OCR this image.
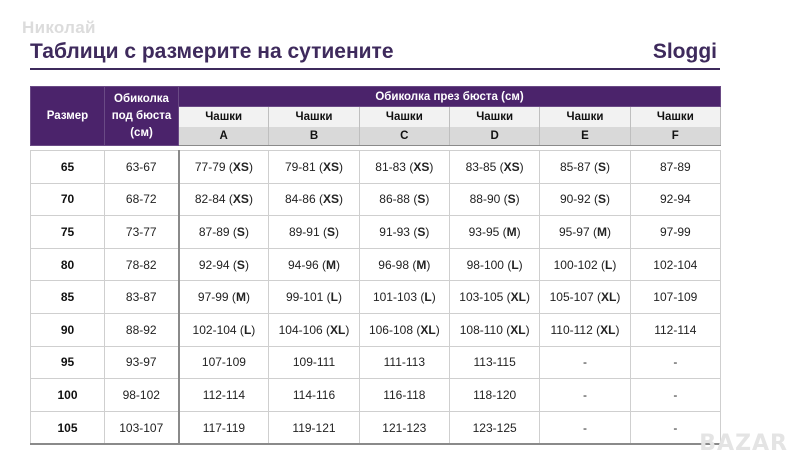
Николай
Таблици с размерите на сутиените	Sloggi
Размер	Обиколка под бюста (см)	Обиколка през бюста (см)					
		Чашки	Чашки	Чашки	Чашки	Чашки	Чашки
		A	B	C	D	E	F

65	63-67	77-79 (XS)	79-81 (XS)	81-83 (XS)	83-85 (XS)	85-87 (S)	87-89
70	68-72	82-84 (XS)	84-86 (XS)	86-88 (S)	88-90 (S)	90-92 (S)	92-94
75	73-77	87-89 (S)	89-91 (S)	91-93 (S)	93-95 (M)	95-97 (M)	97-99
80	78-82	92-94 (S)	94-96 (M)	96-98 (M)	98-100 (L)	100-102 (L)	102-104
85	83-87	97-99 (M)	99-101 (L)	101-103 (L)	103-105 (XL)	105-107 (XL)	107-109
90	88-92	102-104 (L)	104-106 (XL)	106-108 (XL)	108-110 (XL)	110-112 (XL)	112-114
95	93-97	107-109	109-111	111-113	113-115	-	-
100	98-102	112-114	114-116	116-118	118-120	-	-
105	103-107	117-119	119-121	121-123	123-125	-	-
BAZAR
